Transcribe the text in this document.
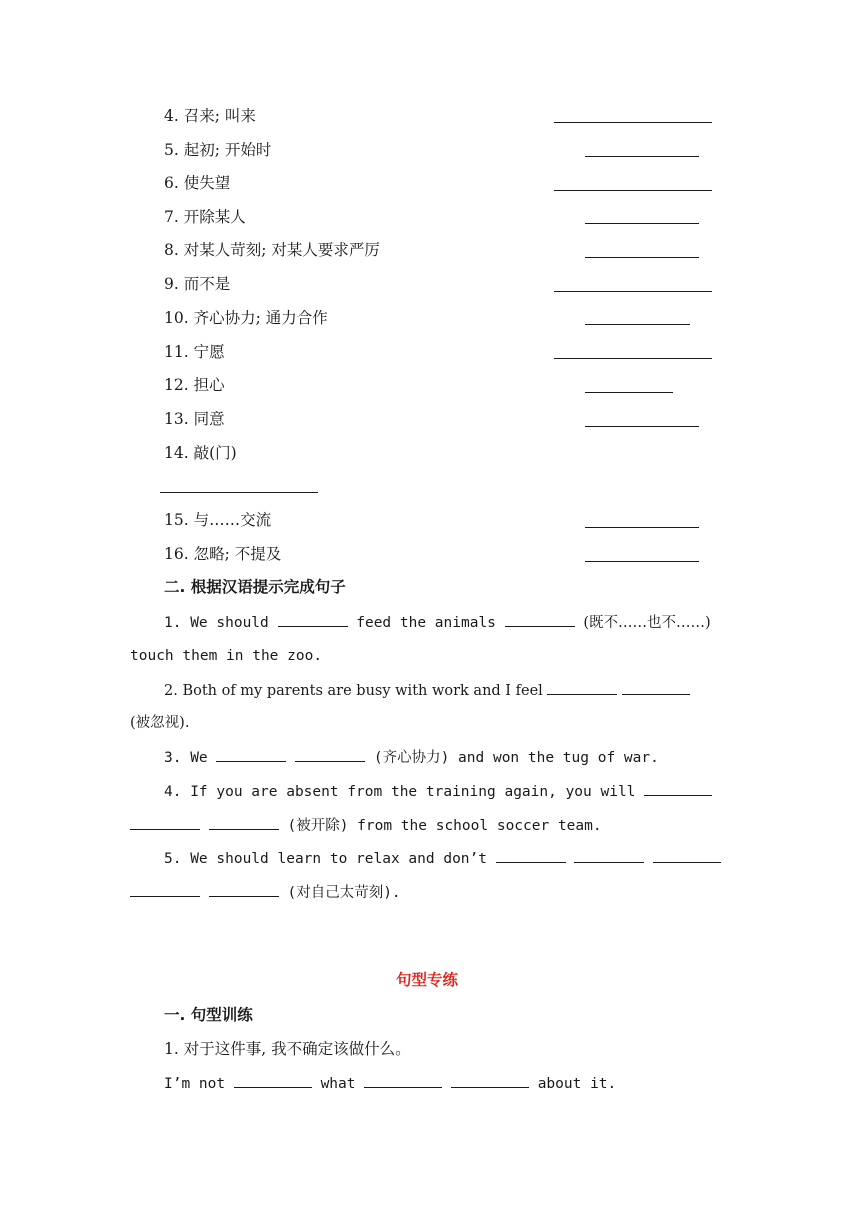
4. 召来; 叫来
5. 起初; 开始时
6. 使失望
7. 开除某人
8. 对某人苛刻; 对某人要求严厉
9. 而不是
10. 齐心协力; 通力合作
11. 宁愿
12. 担心
13. 同意
14. 敲(门)
15. 与……交流
16. 忽略; 不提及
二. 根据汉语提示完成句子
1. We should	feed the animals	(既不……也不……)
touch them in the zoo.
2. Both of my parents are busy with work and I feel
(被忽视).
3. We	(齐心协力) and won the tug of war.
4. If you are absent from the training again, you will
(被开除) from the school soccer team.
5. We should learn to relax and don’t
(对自己太苛刻).
句型专练
一. 句型训练
1. 对于这件事, 我不确定该做什么。
I’m not	what	about it.
